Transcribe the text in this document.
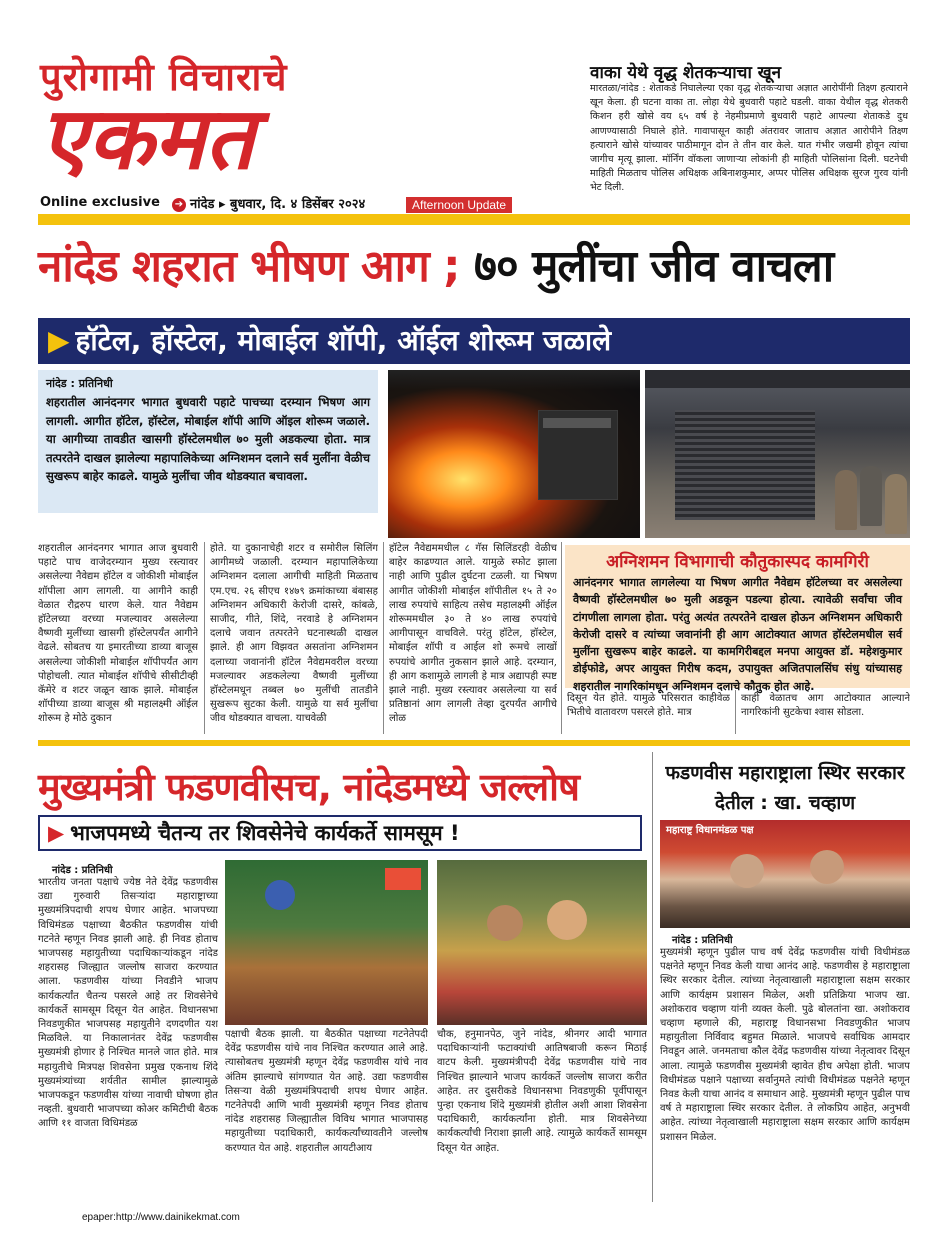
पुरोगामी विचाराचे
एकमत
Online exclusive ➔ नांदेड ▸ बुधवार, दि. ४ डिसेंबर २०२४	Afternoon Update
वाका येथे वृद्ध शेतकऱ्याचा खून
मारतळा/नांदेड : शेताकडे निघालेल्या एका वृद्ध शेतकऱ्याचा अज्ञात आरोपींनी तिक्ष्ण हत्याराने खून केला. ही घटना वाका ता. लोहा येथे बुधवारी पहाटे घडली. वाका येथील वृद्ध शेतकरी किशन हरी खोसे वय ६५ वर्ष हे नेहमीप्रमाणे बुधवारी पहाटे आपल्या शेताकडे दुध आणण्यासाठी निघाले होते. गावापासून काही अंतरावर जाताच अज्ञात आरोपीने तिक्ष्ण हत्याराने खोसे यांच्यावर पाठीमागून दोन ते तीन वार केले. यात गंभीर जखमी होवून त्यांचा जागीच मृत्यू झाला. मॉर्निंग वॉकला जाणाऱ्या लोकांनी ही माहिती पोलिसांना दिली. घटनेची माहिती मिळताच पोलिस अधिक्षक अबिनाशकुमार, अप्पर पोलिस अधिक्षक सुरज गुरव यांनी भेट दिली.
नांदेड शहरात भीषण आग ; ७० मुलींचा जीव वाचला
▶ हॉटेल, हॉस्टेल, मोबाईल शॉपी, ऑईल शोरूम जळाले
नांदेड : प्रतिनिधी
शहरातील आनंदनगर भागात बुधवारी पहाटे पाचच्या दरम्यान भिषण आग लागली. आगीत हॉटेल, हॉस्टेल, मोबाईल शॉपी आणि ऑइल शोरूम जळाले. या आगीच्या तावडीत खासगी हॉस्टेलमधील ७० मुली अडकल्या होता. मात्र तत्परतेने दाखल झालेल्या महापालिकेच्या अग्निशमन दलाने सर्व मुलींना वेळीच सुखरूप बाहेर काढले. यामुळे मुलींचा जीव थोडक्यात बचावला.
शहरातील आनंदनगर भागात आज बुधवारी पहाटे पाच वाजेदरम्यान मुख्य रस्त्यावर असलेल्या नैवेद्यम हॉटेल व जोकीशी मोबाईल शॉपीला आग लागली. या आगीने काही वेळात रौद्ररुप धारण केले. यात नैवेद्यम हॉटेलच्या वरच्या मजल्यावर असलेल्या वैष्णवी मुलींच्या खासगी हॉस्टेलपर्यंत आगीने वेढले. सोबतच या इमारतीच्या डाव्या बाजूस असलेल्या जोकीशी मोबाईल शॉपीपर्यंत आग पोहोचली. त्यात मोबाईल शॉपीचे सीसीटीव्ही कॅमेरे व शटर जळून खाक झाले. मोबाईल शॉपीच्या डाव्या बाजूस श्री महालक्ष्मी ऑईल शोरूम हे मोठे दुकान
होते. या दुकानाचेही शटर व समोरील सिलिंग आगीमध्ये जळाली. दरम्यान महापालिकेच्या अग्निशमन दलाला आगीची माहिती मिळताच एम.एच. २६ सीएच १४७९ क्रमांकाच्या बंबासह अग्निशमन अधिकारी केरोजी दासरे, कांबळे, साजीद, गीते, शिंदे, नरवाडे हे अग्निशमन दलाचे जवान तत्परतेने घटनास्थळी दाखल झाले. ही आग विझवत असतांना अग्निशमन दलाच्या जवानांनी हॉटेल नैवेद्यमवरील वरच्या मजल्यावर अडकलेल्या वैष्णवी मुलींच्या हॉस्टेलमधून तब्बल ७० मुलींची तातडीने सुखरूप सुटका केली. यामुळे या सर्व मुलींचा जीव थोडक्यात वाचला. याचवेळी
हॉटेल नैवेद्यममधील ८ गॅस सिलिंडरही वेळीच बाहेर काढण्यात आले. यामुळे स्फोट झाला नाही आणि पुढील दुर्घटना टळली. या भिषण आगीत जोकीशी मोबाईल शॉपीतील १५ ते २० लाख रुपयांचे साहित्य तसेच महालक्ष्मी ऑईल शोरूममधील ३० ते ४० लाख रुपयांचे आगीपासून वाचविले. परंतु हॉटेल, हॉस्टेल, मोबाईल शॉपी व आईल शो रूमचे लाखों रुपयांचे आगीत नुकसान झाले आहे. दरम्यान, ही आग कशामुळे लागली हे मात्र अद्यापही स्पष्ट झाले नाही. मुख्य रस्त्यावर असलेल्या या सर्व प्रतिष्ठानां आग लागली तेव्हा दुरपर्यंत आगीचे लोळ
दिसून येत होते. यामुळे परिसरात काहीवेळ भितीचे वातावरण पसरले होते. मात्र
काही वेळातच आग आटोक्यात आल्याने नागरिकांनी सुटकेचा श्वास सोडला.
अग्निशमन विभागाची कौतुकास्पद कामगिरी
आनंदनगर भागात लागलेल्या या भिषण आगीत नैवेद्यम हॉटेलच्या वर असलेल्या वैष्णवी हॉस्टेलमधील ७० मुली अडकून पडल्या होत्या. त्यावेळी सर्वांचा जीव टांगणीला लागला होता. परंतु अत्यंत तत्परतेने दाखल होऊन अग्निशमन अधिकारी केरोजी दासरे व त्यांच्या जवानांनी ही आग आटोक्यात आणत हॉस्टेलमधील सर्व मुलींना सुखरूप बाहेर काढले. या कामगिरीबद्दल मनपा आयुक्त डॉ. महेशकुमार डोईफोडे, अपर आयुक्त गिरीष कदम, उपायुक्त अजितपालसिंघ संधु यांच्यासह शहरातील नागरिकांमधून अग्निशमन दलाचे कौतुक होत आहे.
मुख्यमंत्री फडणवीसच, नांदेडमध्ये जल्लोष
▶ भाजपमध्ये चैतन्य तर शिवसेनेचे कार्यकर्ते सामसूम !
नांदेड : प्रतिनिधी
भारतीय जनता पक्षाचे ज्येष्ठ नेते देवेंद्र फडणवीस उद्या गुरुवारी तिसऱ्यांदा महाराष्ट्राच्या मुख्यमंत्रिपदाची शपथ घेणार आहेत. भाजपच्या विधिमंडळ पक्षाच्या बैठकीत फडणवीस यांची गटनेते म्हणून निवड झाली आहे. ही निवड होताच भाजपसह महायुतीच्या पदाधिकाऱ्यांकडून नांदेड शहरासह जिल्ह्यात जल्लोष साजरा करण्यात आला. फडणवीस यांच्या निवडीने भाजप कार्यकर्त्यांत चैतन्य पसरले आहे तर शिवसेनेचे कार्यकर्ते सामसूम दिसून येत आहेत. विधानसभा निवडणुकीत भाजपसह महायुतीने दणदणीत यश मिळविले. या निकालानंतर देवेंद्र फडणवीस मुख्यमंत्री होणार हे निश्चित मानले जात होते. मात्र महायुतीचे मित्रपक्ष शिवसेना प्रमुख एकनाथ शिंदे मुख्यमंत्र्यांच्या शर्यतीत सामील झाल्यामुळे भाजपकडून फडणवीस यांच्या नावाची घोषणा होत नव्हती. बुधवारी भाजपच्या कोअर कमिटीची बैठक आणि ११ वाजता विधिमंडळ
पक्षाची बैठक झाली. या बैठकीत पक्षाच्या गटनेतेपदी देवेंद्र फडणवीस यांचे नाव निश्चित करण्यात आले आहे. त्यासोबतच मुख्यमंत्री म्हणून देवेंद्र फडणवीस यांचे नाव अंतिम झाल्याचे सांगण्यात येत आहे. उद्या फडणवीस तिसऱ्या वेळी मुख्यमंत्रिपदाची शपथ घेणार आहेत. गटनेतेपदी आणि भावी मुख्यमंत्री म्हणून निवड होताच नांदेड शहरासह जिल्ह्यातील विविध भागात भाजपासह महायुतीच्या पदाधिकारी, कार्यकर्त्यांच्यावतीने जल्लोष करण्यात येत आहे. शहरातील आयटीआय
चौक, हनुमानपेठ, जुने नांदेड, श्रीनगर आदी भागात पदाधिकाऱ्यांनी फटाक्यांची आतिषबाजी करून मिठाई वाटप केली. मुख्यमंत्रीपदी देवेंद्र फडणवीस यांचे नाव निश्चित झाल्याने भाजप कार्यकर्ते जल्लोष साजरा करीत आहेत. तर दुसरीकडे विधानसभा निवडणुकी पूर्वीपासून पुन्हा एकनाथ शिंदे मुख्यमंत्री होतील अशी आशा शिवसेना पदाधिकारी, कार्यकर्त्यांना होती. मात्र शिवसेनेच्या कार्यकर्त्यांची निराशा झाली आहे. त्यामुळे कार्यकर्ते सामसूम दिसून येत आहेत.
फडणवीस महाराष्ट्राला स्थिर सरकार देतील : खा. चव्हाण
महाराष्ट्र विधानमंडळ पक्ष
नांदेड : प्रतिनिधी
मुख्यमंत्री म्हणून पुढील पाच वर्ष देवेंद्र फडणवीस यांची विधीमंडळ पक्षनेते म्हणून निवड केली याचा आनंद आहे. फडणवीस हे महाराष्ट्राला स्थिर सरकार देतील. त्यांच्या नेतृत्वाखाली महाराष्ट्राला सक्षम सरकार आणि कार्यक्षम प्रशासन मिळेल, अशी प्रतिक्रिया भाजप खा. अशोकराव चव्हाण यांनी व्यक्त केली. पुढे बोलतांना खा. अशोकराव चव्हाण म्हणाले की, महाराष्ट्र विधानसभा निवडणुकीत भाजप महायुतीला निर्विवाद बहुमत मिळाले. भाजपचे सर्वाधिक आमदार निवडून आले. जनमताचा कौल देवेंद्र फडणवीस यांच्या नेतृत्वावर दिसून आला. त्यामुळे फडणवीस मुख्यमंत्री व्हावेत हीच अपेक्षा होती. भाजप विधीमंडळ पक्षाने पक्षाच्या सर्वानुमते त्यांची विधीमंडळ पक्षनेते म्हणून निवड केली याचा आनंद व समाधान आहे. मुख्यमंत्री म्हणून पुढील पाच वर्ष ते महाराष्ट्राला स्थिर सरकार देतील. ते लोकप्रिय आहेत, अनुभवी आहेत. त्यांच्या नेतृत्वाखाली महाराष्ट्राला सक्षम सरकार आणि कार्यक्षम प्रशासन मिळेल.
epaper:http://www.dainikekmat.com
